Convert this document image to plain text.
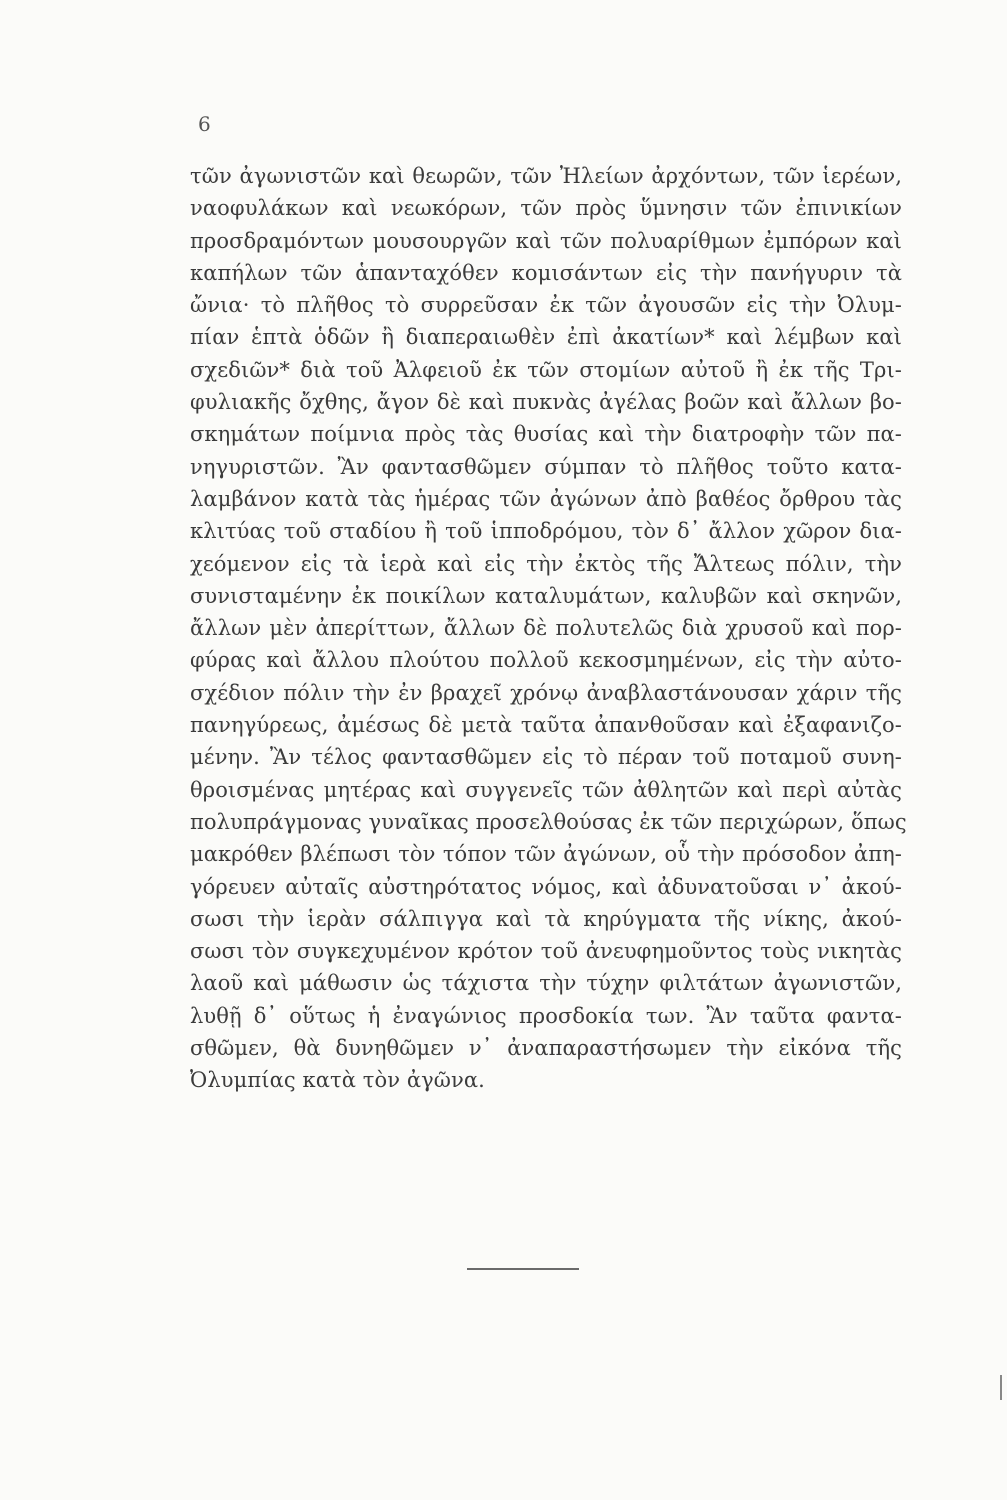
6
τῶν ἀγωνιστῶν καὶ θεωρῶν, τῶν Ἠλείων ἀρχόντων, τῶν ἱερέων,
ναοφυλάκων καὶ νεωκόρων, τῶν πρὸς ὕμνησιν τῶν ἐπινικίων
προσδραμόντων μουσουργῶν καὶ τῶν πολυαρίθμων ἐμπόρων καὶ
καπήλων τῶν ἁπανταχόθεν κομισάντων εἰς τὴν πανήγυριν τὰ
ὤνια· τὸ πλῆθος τὸ συρρεῦσαν ἐκ τῶν ἀγουσῶν εἰς τὴν Ὀλυμ-
πίαν ἑπτὰ ὁδῶν ἢ διαπεραιωθὲν ἐπὶ ἀκατίων* καὶ λέμβων καὶ
σχεδιῶν* διὰ τοῦ Ἀλφειοῦ ἐκ τῶν στομίων αὐτοῦ ἢ ἐκ τῆς Τρι-
φυλιακῆς ὄχθης, ἄγον δὲ καὶ πυκνὰς ἀγέλας βοῶν καὶ ἄλλων βο-
σκημάτων ποίμνια πρὸς τὰς θυσίας καὶ τὴν διατροφὴν τῶν πα-
νηγυριστῶν. Ἂν φαντασθῶμεν σύμπαν τὸ πλῆθος τοῦτο κατα-
λαμβάνον κατὰ τὰς ἡμέρας τῶν ἀγώνων ἀπὸ βαθέος ὄρθρου τὰς
κλιτύας τοῦ σταδίου ἢ τοῦ ἱπποδρόμου, τὸν δ᾽ ἄλλον χῶρον δια-
χεόμενον εἰς τὰ ἱερὰ καὶ εἰς τὴν ἐκτὸς τῆς Ἄλτεως πόλιν, τὴν
συνισταμένην ἐκ ποικίλων καταλυμάτων, καλυβῶν καὶ σκηνῶν,
ἄλλων μὲν ἀπερίττων, ἄλλων δὲ πολυτελῶς διὰ χρυσοῦ καὶ πορ-
φύρας καὶ ἄλλου πλούτου πολλοῦ κεκοσμημένων, εἰς τὴν αὐτο-
σχέδιον πόλιν τὴν ἐν βραχεῖ χρόνῳ ἀναβλαστάνουσαν χάριν τῆς
πανηγύρεως, ἀμέσως δὲ μετὰ ταῦτα ἀπανθοῦσαν καὶ ἐξαφανιζο-
μένην. Ἂν τέλος φαντασθῶμεν εἰς τὸ πέραν τοῦ ποταμοῦ συνη-
θροισμένας μητέρας καὶ συγγενεῖς τῶν ἀθλητῶν καὶ περὶ αὐτὰς
πολυπράγμονας γυναῖκας προσελθούσας ἐκ τῶν περιχώρων, ὅπως
μακρόθεν βλέπωσι τὸν τόπον τῶν ἀγώνων, οὗ τὴν πρόσοδον ἀπη-
γόρευεν αὐταῖς αὐστηρότατος νόμος, καὶ ἀδυνατοῦσαι ν᾽ ἀκού-
σωσι τὴν ἱερὰν σάλπιγγα καὶ τὰ κηρύγματα τῆς νίκης, ἀκού-
σωσι τὸν συγκεχυμένον κρότον τοῦ ἀνευφημοῦντος τοὺς νικητὰς
λαοῦ καὶ μάθωσιν ὡς τάχιστα τὴν τύχην φιλτάτων ἀγωνιστῶν,
λυθῇ δ᾽ οὕτως ἡ ἐναγώνιος προσδοκία των. Ἂν ταῦτα φαντα-
σθῶμεν, θὰ δυνηθῶμεν ν᾽ ἀναπαραστήσωμεν τὴν εἰκόνα τῆς
Ὀλυμπίας κατὰ τὸν ἀγῶνα.
